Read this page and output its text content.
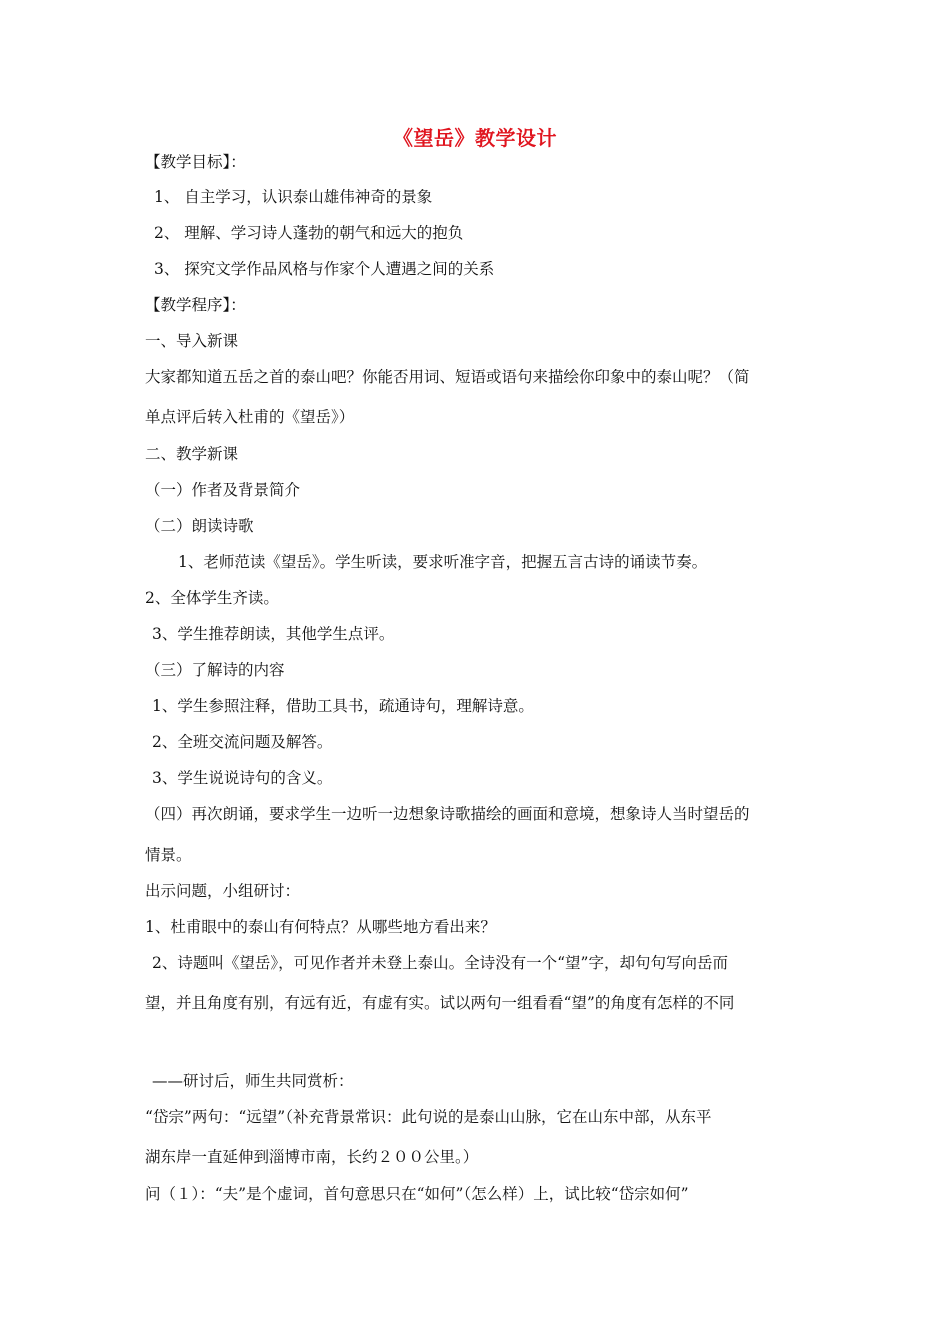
《望岳》教学设计
【教学目标】：
1、 自主学习，认识泰山雄伟神奇的景象
2、 理解、学习诗人蓬勃的朝气和远大的抱负
3、 探究文学作品风格与作家个人遭遇之间的关系
【教学程序】：
一、导入新课
大家都知道五岳之首的泰山吧？你能否用词、短语或语句来描绘你印象中的泰山呢？（简
单点评后转入杜甫的《望岳》）
二、教学新课
（一）作者及背景简介
（二）朗读诗歌
1、老师范读《望岳》。学生听读，要求听准字音，把握五言古诗的诵读节奏。
2、全体学生齐读。
3、学生推荐朗读，其他学生点评。
（三）了解诗的内容
1、学生参照注释，借助工具书，疏通诗句，理解诗意。
2、全班交流问题及解答。
3、学生说说诗句的含义。
（四）再次朗诵，要求学生一边听一边想象诗歌描绘的画面和意境，想象诗人当时望岳的
情景。
出示问题，小组研讨：
1、杜甫眼中的泰山有何特点？从哪些地方看出来？
2、诗题叫《望岳》，可见作者并未登上泰山。全诗没有一个“望”字，却句句写向岳而
望，并且角度有别，有远有近，有虚有实。试以两句一组看看“望”的角度有怎样的不同
——研讨后，师生共同赏析：
“岱宗”两句：“远望”（补充背景常识：此句说的是泰山山脉，它在山东中部，从东平
湖东岸一直延伸到淄博市南，长约２００公里。）
问（１）：“夫”是个虚词，首句意思只在“如何”（怎么样）上，试比较“岱宗如何”
